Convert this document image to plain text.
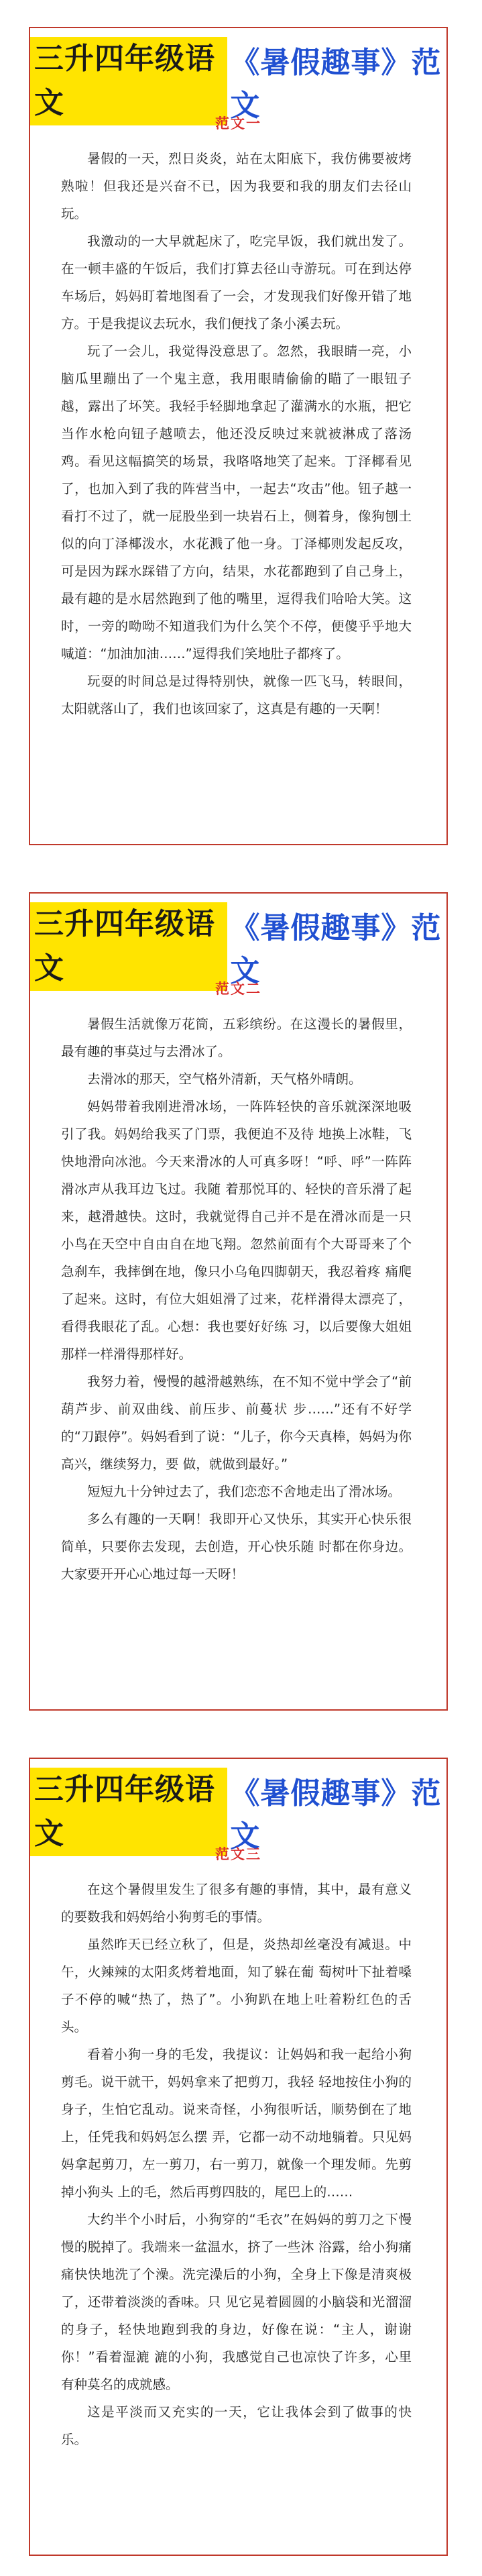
三升四年级语文
《暑假趣事》范文
范文一

暑假的一天，烈日炎炎，站在太阳底下，我仿佛要被烤熟啦！但我还是兴奋不已，因为我要和我的朋友们去径山玩。

我激动的一大早就起床了，吃完早饭，我们就出发了。在一顿丰盛的午饭后，我们打算去径山寺游玩。可在到达停车场后，妈妈盯着地图看了一会，才发现我们好像开错了地方。于是我提议去玩水，我们便找了条小溪去玩。

玩了一会儿，我觉得没意思了。忽然，我眼睛一亮，小脑瓜里蹦出了一个鬼主意，我用眼睛偷偷的瞄了一眼钮子越，露出了坏笑。我轻手轻脚地拿起了灌满水的水瓶，把它当作水枪向钮子越喷去，他还没反映过来就被淋成了落汤鸡。看见这幅搞笑的场景，我咯咯地笑了起来。丁泽椰看见了，也加入到了我的阵营当中，一起去“攻击”他。钮子越一看打不过了，就一屁股坐到一块岩石上，侧着身，像狗刨土似的向丁泽椰泼水，水花溅了他一身。丁泽椰则发起反攻，可是因为踩水踩错了方向，结果，水花都跑到了自己身上，最有趣的是水居然跑到了他的嘴里，逗得我们哈哈大笑。这时，一旁的呦呦不知道我们为什么笑个不停，便傻乎乎地大喊道：“加油加油……”逗得我们笑地肚子都疼了。

玩耍的时间总是过得特别快，就像一匹飞马，转眼间，太阳就落山了，我们也该回家了，这真是有趣的一天啊！

三升四年级语文
《暑假趣事》范文
范文二

暑假生活就像万花筒，五彩缤纷。在这漫长的暑假里，最有趣的事莫过与去滑冰了。

去滑冰的那天，空气格外清新，天气格外晴朗。

妈妈带着我刚进滑冰场，一阵阵轻快的音乐就深深地吸引了我。妈妈给我买了门票，我便迫不及待 地换上冰鞋，飞快地滑向冰池。今天来滑冰的人可真多呀！“呼、呼”一阵阵滑冰声从我耳边飞过。我随 着那悦耳的、轻快的音乐滑了起来，越滑越快。这时，我就觉得自己并不是在滑冰而是一只小鸟在天空中自由自在地飞翔。忽然前面有个大哥哥来了个急刹车，我摔倒在地，像只小乌龟四脚朝天，我忍着疼 痛爬了起来。这时，有位大姐姐滑了过来，花样滑得太漂亮了，看得我眼花了乱。心想：我也要好好练 习，以后要像大姐姐那样一样滑得那样好。

我努力着，慢慢的越滑越熟练，在不知不觉中学会了“前葫芦步、前双曲线、前压步、前蔓状 步……”还有不好学的“刀跟停”。妈妈看到了说：“儿子，你今天真棒，妈妈为你高兴，继续努力，要 做，就做到最好。”

短短九十分钟过去了，我们恋恋不舍地走出了滑冰场。

多么有趣的一天啊！我即开心又快乐，其实开心快乐很简单，只要你去发现，去创造，开心快乐随 时都在你身边。大家要开开心心地过每一天呀！

三升四年级语文
《暑假趣事》范文
范文三

在这个暑假里发生了很多有趣的事情，其中，最有意义的要数我和妈妈给小狗剪毛的事情。

虽然昨天已经立秋了，但是，炎热却丝毫没有减退。中午，火辣辣的太阳炙烤着地面，知了躲在葡 萄树叶下扯着嗓子不停的喊“热了，热了”。小狗趴在地上吐着粉红色的舌头。

看着小狗一身的毛发，我提议：让妈妈和我一起给小狗剪毛。说干就干，妈妈拿来了把剪刀，我轻 轻地按住小狗的身子，生怕它乱动。说来奇怪，小狗很听话，顺势倒在了地上，任凭我和妈妈怎么摆 弄，它都一动不动地躺着。只见妈妈拿起剪刀，左一剪刀，右一剪刀，就像一个理发师。先剪掉小狗头 上的毛，然后再剪四肢的，尾巴上的……

大约半个小时后，小狗穿的“毛衣”在妈妈的剪刀之下慢慢的脱掉了。我端来一盆温水，挤了一些沐 浴露，给小狗痛痛快快地洗了个澡。洗完澡后的小狗，全身上下像是清爽极了，还带着淡淡的香味。只 见它晃着圆圆的小脑袋和光溜溜的身子，轻快地跑到我的身边，好像在说：“主人，谢谢你！”看着湿漉 漉的小狗，我感觉自己也凉快了许多，心里有种莫名的成就感。

这是平淡而又充实的一天，它让我体会到了做事的快乐。
